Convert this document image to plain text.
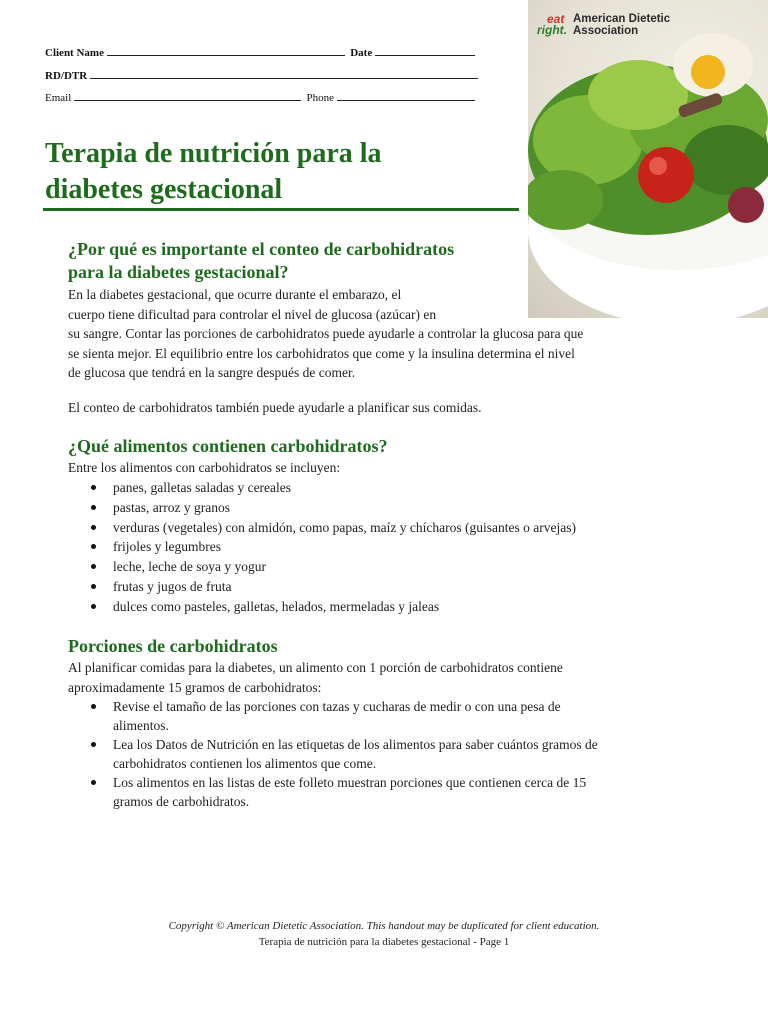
Client Name	Date
RD/DTR
Email	Phone
eat
right.
American Dietetic
Association
Terapia de nutrición para la
diabetes gestacional
¿Por qué es importante el conteo de carbohidratos
para la diabetes gestacional?

En la diabetes gestacional, que ocurre durante el embarazo, el
cuerpo tiene dificultad para controlar el nivel de glucosa (azúcar) en
su sangre. Contar las porciones de carbohidratos puede ayudarle a controlar la glucosa para que
se sienta mejor. El equilibrio entre los carbohidratos que come y la insulina determina el nivel
de glucosa que tendrá en la sangre después de comer.

El conteo de carbohidratos también puede ayudarle a planificar sus comidas.

¿Qué alimentos contienen carbohidratos?

Entre los alimentos con carbohidratos se incluyen:

panes, galletas saladas y cereales
pastas, arroz y granos
verduras (vegetales) con almidón, como papas, maíz y chícharos (guisantes o arvejas)
frijoles y legumbres
leche, leche de soya y yogur
frutas y jugos de fruta
dulces como pasteles, galletas, helados, mermeladas y jaleas
Porciones de carbohidratos

Al planificar comidas para la diabetes, un alimento con 1 porción de carbohidratos contiene
aproximadamente 15 gramos de carbohidratos:

Revise el tamaño de las porciones con tazas y cucharas de medir o con una pesa de
alimentos.
Lea los Datos de Nutrición en las etiquetas de los alimentos para saber cuántos gramos de
carbohidratos contienen los alimentos que come.
Los alimentos en las listas de este folleto muestran porciones que contienen cerca de 15
gramos de carbohidratos.
Copyright © American Dietetic Association. This handout may be duplicated for client education.
Terapia de nutrición para la diabetes gestacional - Page 1
